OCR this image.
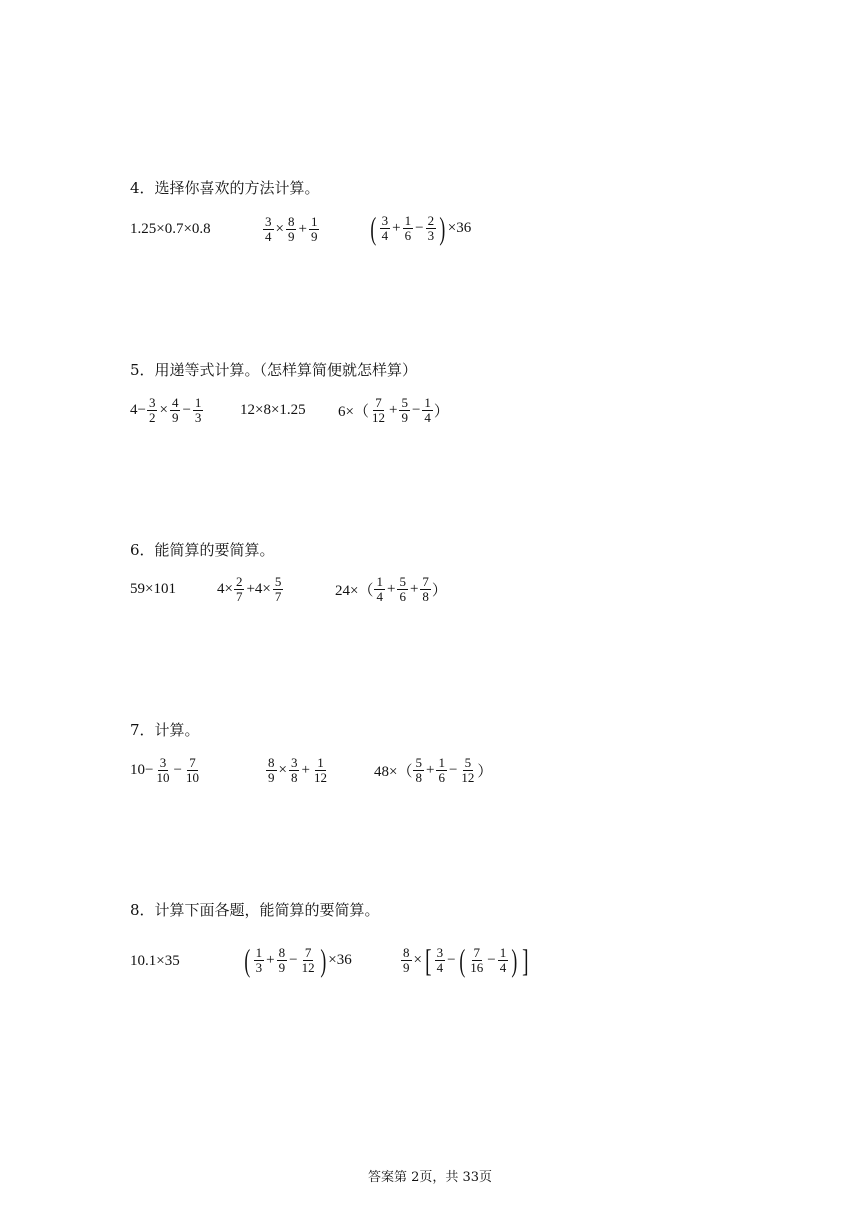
4．选择你喜欢的方法计算。
1.25×0.7×0.8	$\frac{3}{4} \times \frac{8}{9} + \frac{1}{9}$ ( $\frac{3}{4} + \frac{1}{6} - \frac{2}{3}$ ) ×36
5．用递等式计算。（怎样算简便就怎样算）
$4- \frac{3}{2} \times \frac{4}{9} - \frac{1}{3} 12\times 8\times 1.25$ $6\times( \frac{7}{12} + \frac{5}{9} - \frac{1}{4}$ ）
6．能简算的要简算。
59×101	$4\times \frac{2}{7} +4\times \frac{5}{7}$	$24\times( \frac{1}{4} + \frac{5}{6} + \frac{7}{8}$ ）
7．计算。
$10- \frac{3}{10} - \frac{7}{10}$	$\frac{8}{9} \times \frac{3}{8} + \frac{1}{12}$	$48\times( \frac{5}{8} + \frac{1}{6} - \frac{5}{12}$ ）
8．计算下面各题，能简算的要简算。
10.1×35 ( $\frac{1}{3} + \frac{8}{9} - \frac{7}{12}$ ) ×36	$\frac{8}{9}$ × [ $\frac{3}{4}$ − ( $\frac{7}{16} - \frac{1}{4}$ ) ]
答案第 2页，共 33页
